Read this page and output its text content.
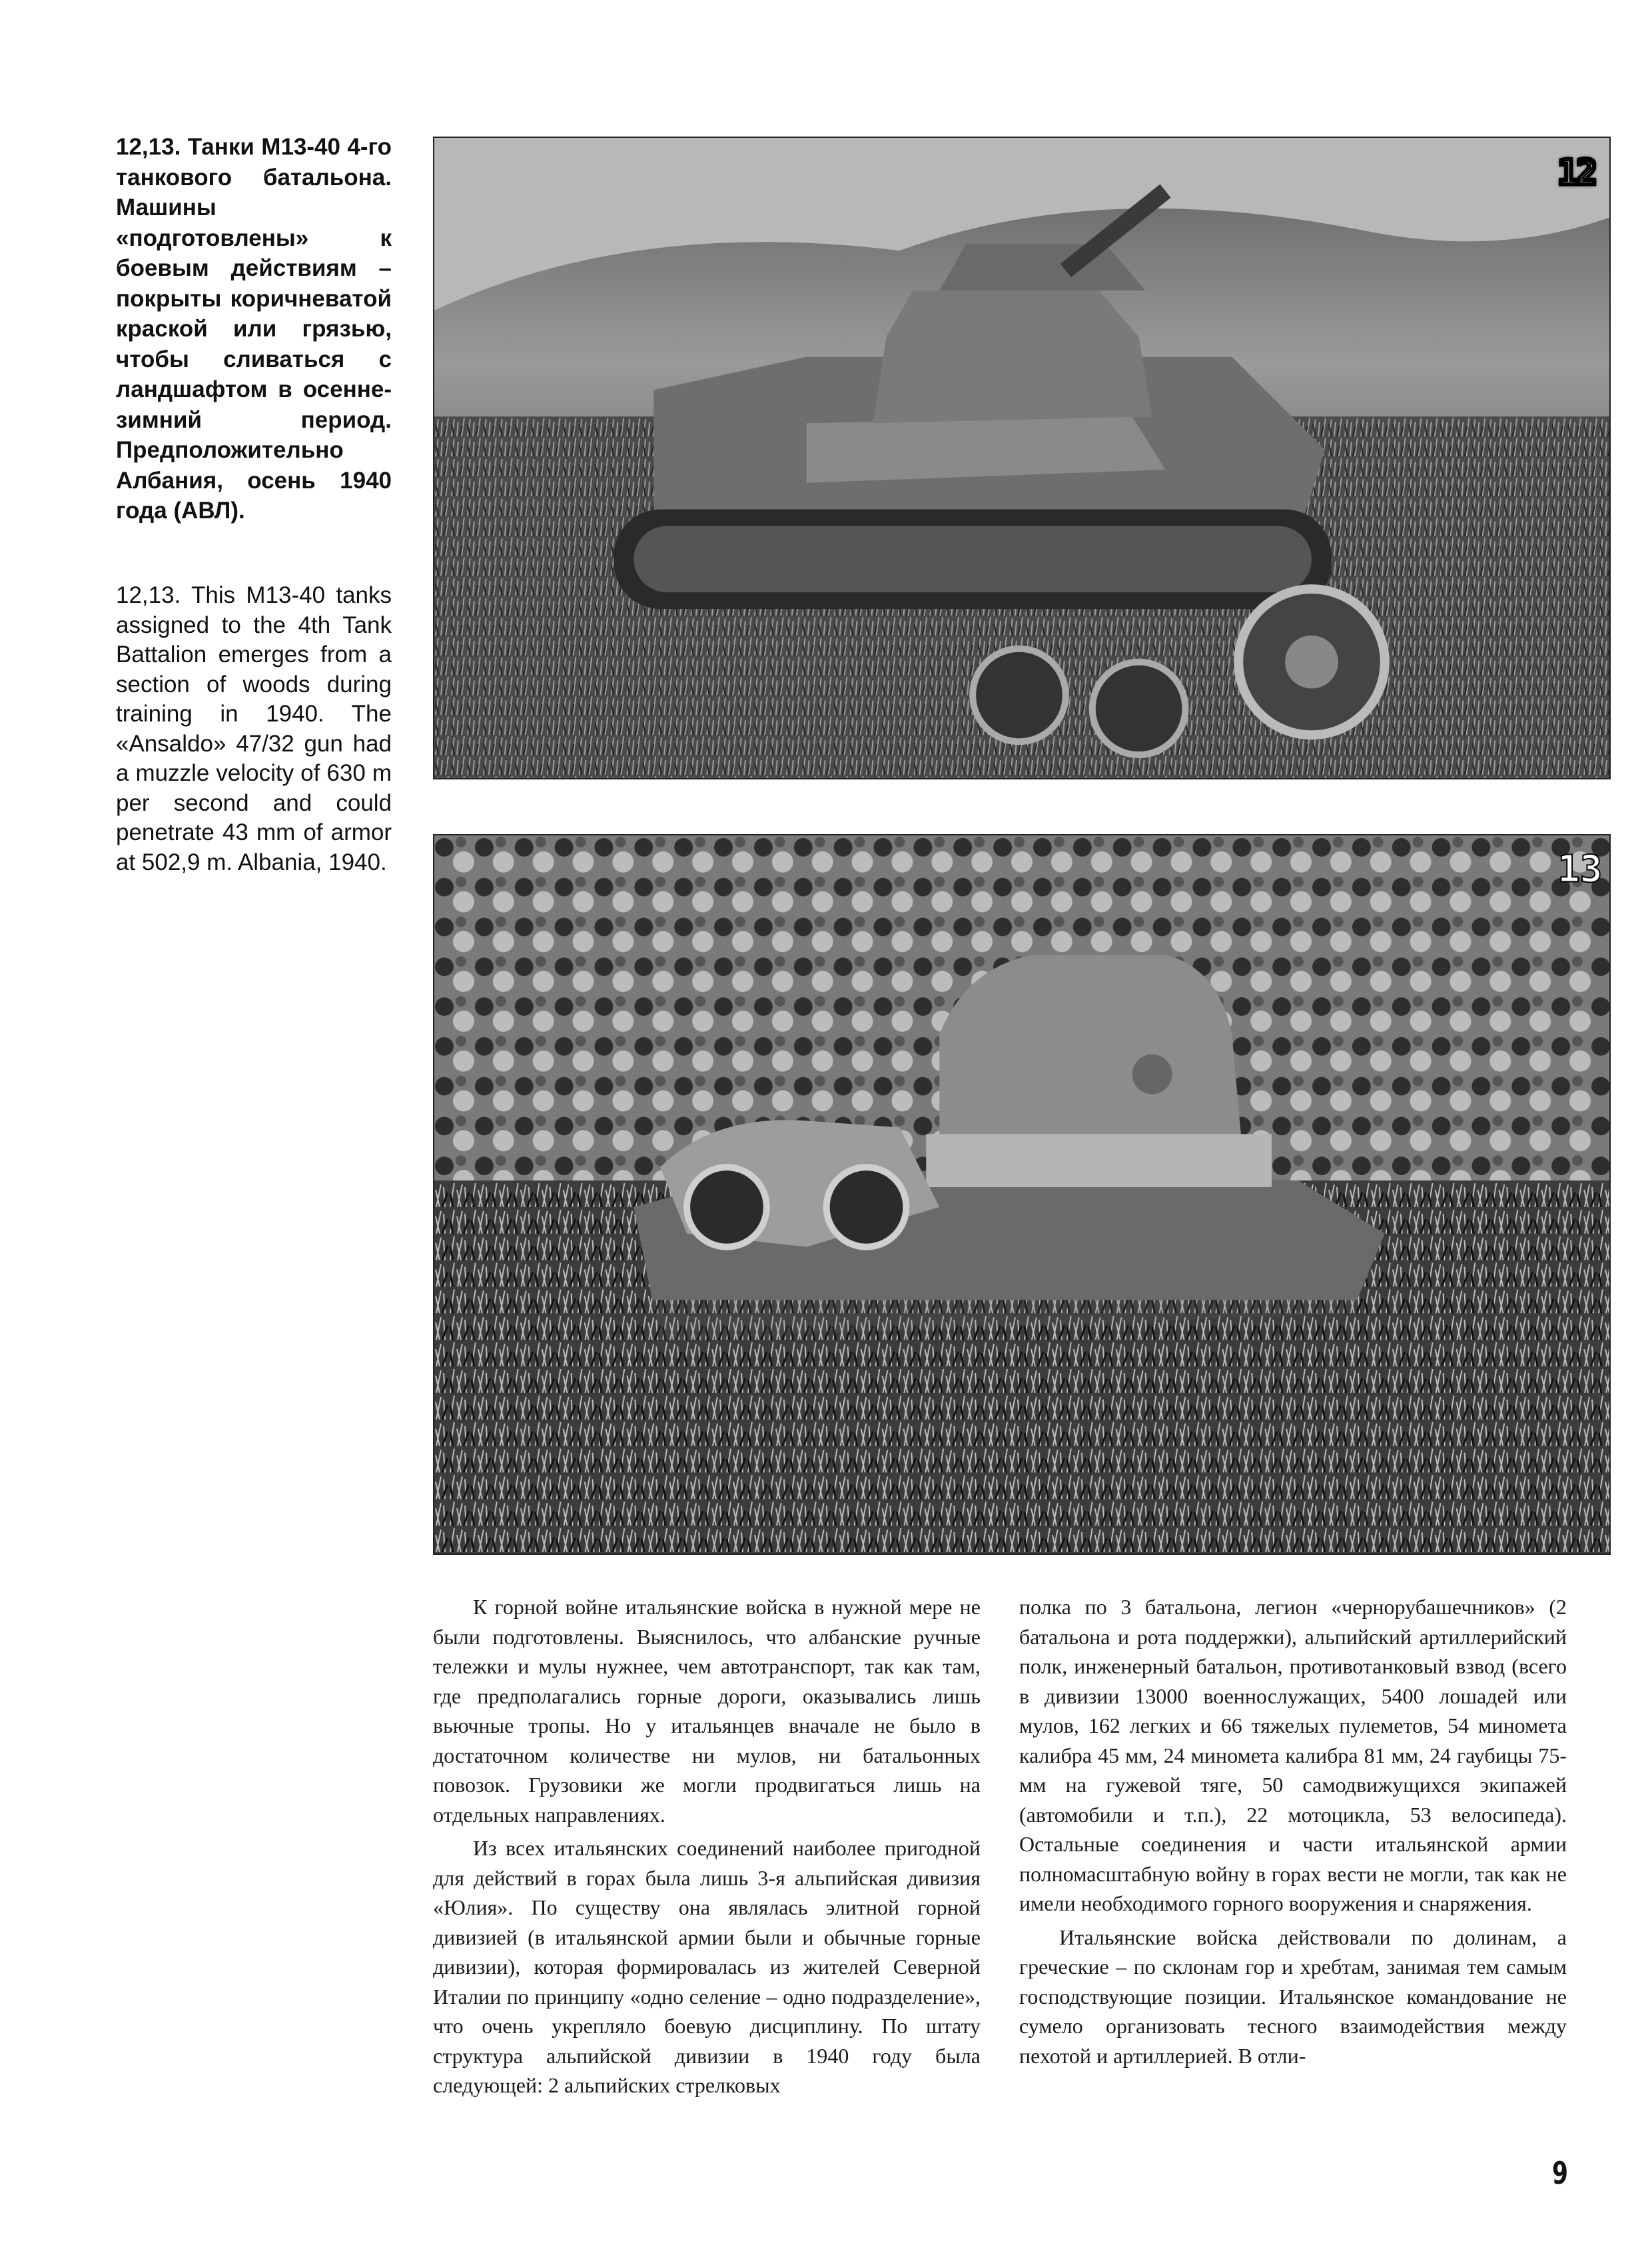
12,13. Танки М13-40 4-го танкового батальона. Машины «подготовлены» к боевым действиям – покрыты коричневатой краской или грязью, чтобы сливаться с ландшафтом в осенне-зимний период. Предположительно Албания, осень 1940 года (АВЛ).
12,13. This M13-40 tanks assigned to the 4th Tank Battalion emerges from a section of woods during training in 1940. The «Ansaldo» 47/32 gun had a muzzle velocity of 630 m per second and could penetrate 43 mm of armor at 502,9 m. Albania, 1940.
12
13

К горной войне итальянские войска в нужной мере не были подготовлены. Выяснилось, что албанские ручные тележки и мулы нужнее, чем автотранспорт, так как там, где предполагались горные дороги, оказывались лишь вьючные тропы. Но у итальянцев вначале не было в достаточном количестве ни мулов, ни батальонных повозок. Грузовики же могли продвигаться лишь на отдельных направлениях.

Из всех итальянских соединений наиболее пригодной для действий в горах была лишь 3-я альпийская дивизия «Юлия». По существу она являлась элитной горной дивизией (в итальянской армии были и обычные горные дивизии), которая формировалась из жителей Северной Италии по принципу «одно селение – одно подразделение», что очень укрепляло боевую дисциплину. По штату структура альпийской дивизии в 1940 году была следующей: 2 альпийских стрелковых

полка по 3 батальона, легион «чернорубашечников» (2 батальона и рота поддержки), альпийский артиллерийский полк, инженерный батальон, противотанковый взвод (всего в дивизии 13000 военнослужащих, 5400 лошадей или мулов, 162 легких и 66 тяжелых пулеметов, 54 миномета калибра 45 мм, 24 миномета калибра 81 мм, 24 гаубицы 75-мм на гужевой тяге, 50 самодвижущихся экипажей (автомобили и т.п.), 22 мотоцикла, 53 велосипеда). Остальные соединения и части итальянской армии полномасштабную войну в горах вести не могли, так как не имели необходимого горного вооружения и снаряжения.

Итальянские войска действовали по долинам, а греческие – по склонам гор и хребтам, занимая тем самым господствующие позиции. Итальянское командование не сумело организовать тесного взаимодействия между пехотой и артиллерией. В отли-

9
